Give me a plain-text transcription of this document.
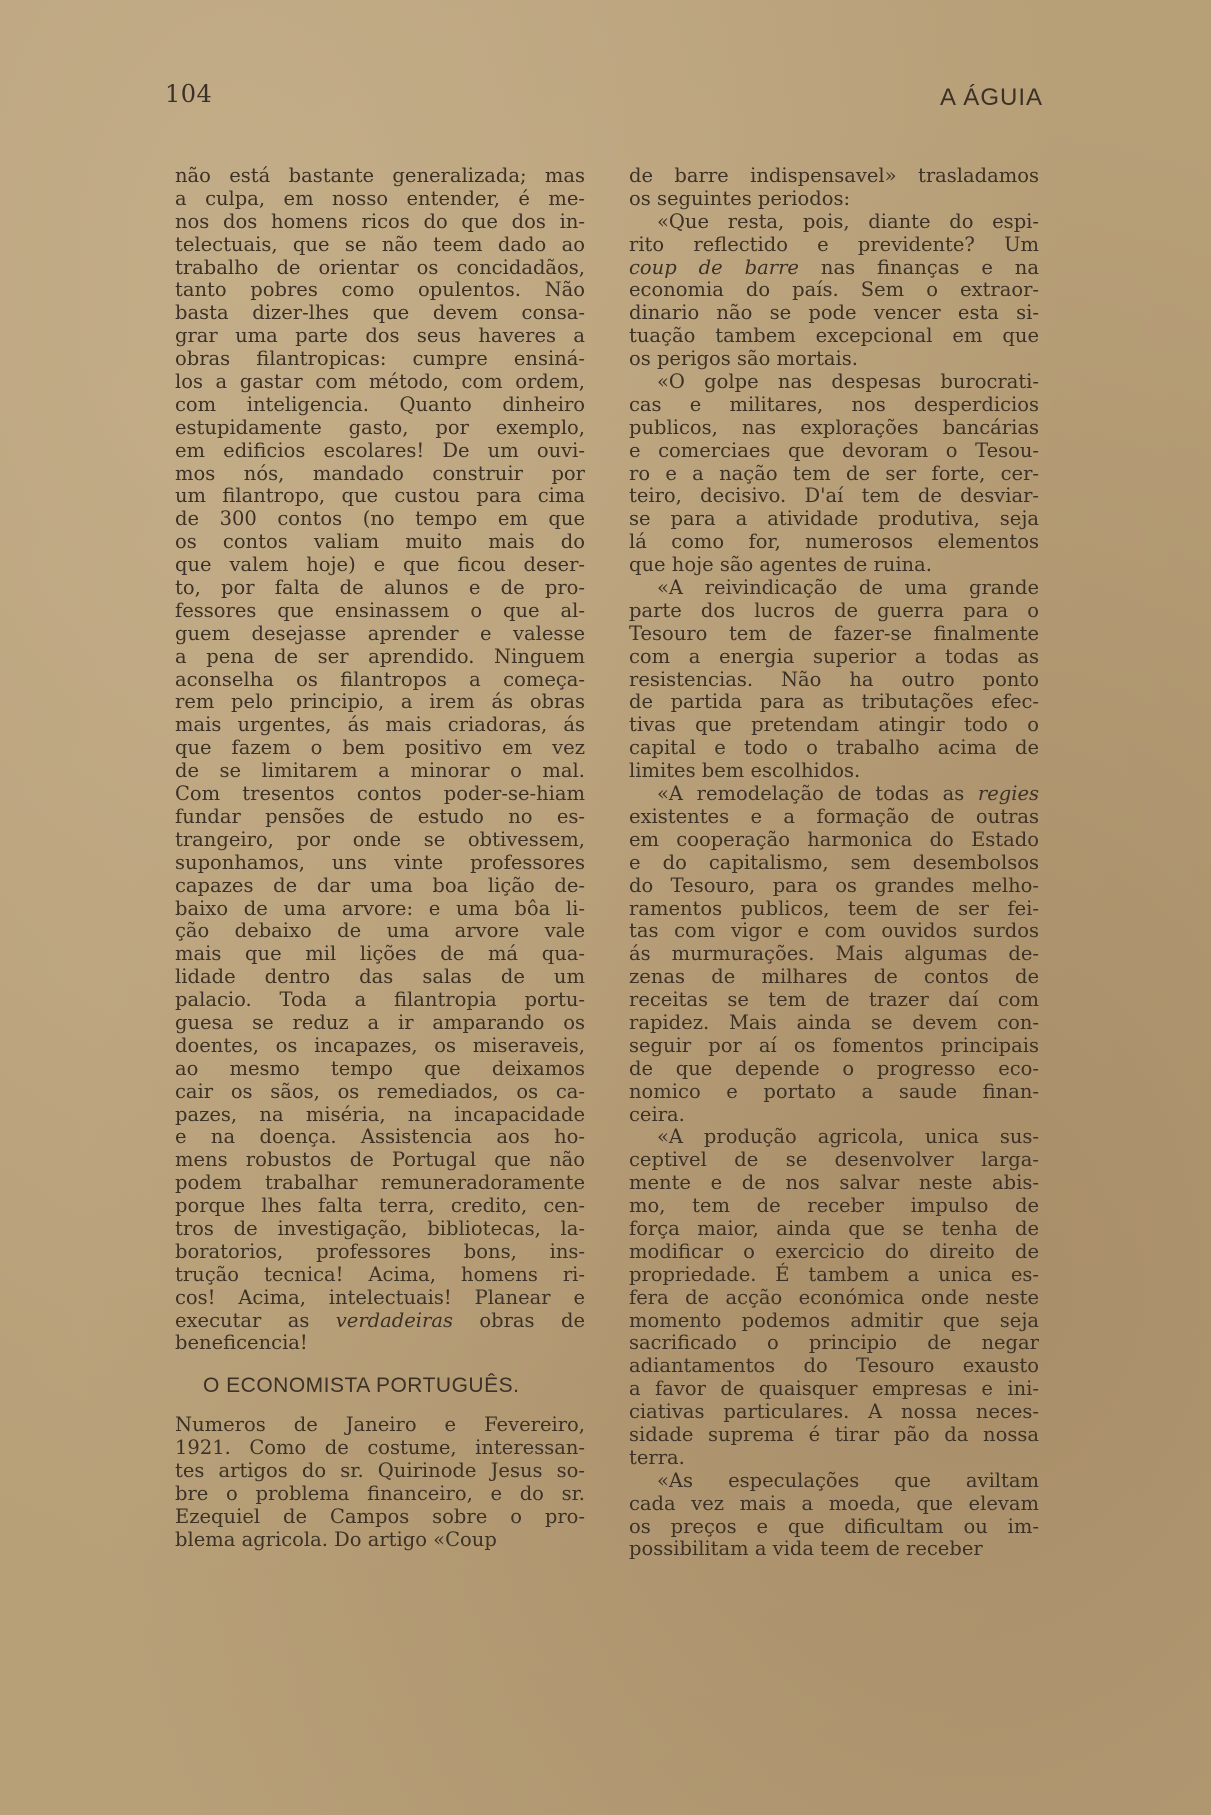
104	A ÁGUIA
não está bastante generalizada; mas
a culpa, em nosso entender, é me-
nos dos homens ricos do que dos in-
telectuais, que se não teem dado ao
trabalho de orientar os concidadãos,
tanto pobres como opulentos. Não
basta dizer-lhes que devem consa-
grar uma parte dos seus haveres a
obras filantropicas: cumpre ensiná-
los a gastar com método, com ordem,
com inteligencia. Quanto dinheiro
estupidamente gasto, por exemplo,
em edificios escolares! De um ouvi-
mos nós, mandado construir por
um filantropo, que custou para cima
de 300 contos (no tempo em que
os contos valiam muito mais do
que valem hoje) e que ficou deser-
to, por falta de alunos e de pro-
fessores que ensinassem o que al-
guem desejasse aprender e valesse
a pena de ser aprendido. Ninguem
aconselha os filantropos a começa-
rem pelo principio, a irem ás obras
mais urgentes, ás mais criadoras, ás
que fazem o bem positivo em vez
de se limitarem a minorar o mal.
Com tresentos contos poder-se-hiam
fundar pensões de estudo no es-
trangeiro, por onde se obtivessem,
suponhamos, uns vinte professores
capazes de dar uma boa lição de-
baixo de uma arvore: e uma bôa li-
ção debaixo de uma arvore vale
mais que mil lições de má qua-
lidade dentro das salas de um
palacio. Toda a filantropia portu-
guesa se reduz a ir amparando os
doentes, os incapazes, os miseraveis,
ao mesmo tempo que deixamos
cair os sãos, os remediados, os ca-
pazes, na miséria, na incapacidade
e na doença. Assistencia aos ho-
mens robustos de Portugal que não
podem trabalhar remuneradoramente
porque lhes falta terra, credito, cen-
tros de investigação, bibliotecas, la-
boratorios, professores bons, ins-
trução tecnica! Acima, homens ri-
cos! Acima, intelectuais! Planear e
executar as verdadeiras obras de
beneficencia!
O ECONOMISTA PORTUGUÊS.
Numeros de Janeiro e Fevereiro,
1921. Como de costume, interessan-
tes artigos do sr. Quirinode Jesus so-
bre o problema financeiro, e do sr.
Ezequiel de Campos sobre o pro-
blema agricola. Do artigo «Coup
de barre indispensavel» trasladamos
os seguintes periodos:
«Que resta, pois, diante do espi-
rito reflectido e previdente? Um
coup de barre nas finanças e na
economia do país. Sem o extraor-
dinario não se pode vencer esta si-
tuação tambem excepcional em que
os perigos são mortais.
«O golpe nas despesas burocrati-
cas e militares, nos desperdicios
publicos, nas explorações bancárias
e comerciaes que devoram o Tesou-
ro e a nação tem de ser forte, cer-
teiro, decisivo. D'aí tem de desviar-
se para a atividade produtiva, seja
lá como for, numerosos elementos
que hoje são agentes de ruina.
«A reivindicação de uma grande
parte dos lucros de guerra para o
Tesouro tem de fazer-se finalmente
com a energia superior a todas as
resistencias. Não ha outro ponto
de partida para as tributações efec-
tivas que pretendam atingir todo o
capital e todo o trabalho acima de
limites bem escolhidos.
«A remodelação de todas as regies
existentes e a formação de outras
em cooperação harmonica do Estado
e do capitalismo, sem desembolsos
do Tesouro, para os grandes melho-
ramentos publicos, teem de ser fei-
tas com vigor e com ouvidos surdos
ás murmurações. Mais algumas de-
zenas de milhares de contos de
receitas se tem de trazer daí com
rapidez. Mais ainda se devem con-
seguir por aí os fomentos principais
de que depende o progresso eco-
nomico e portato a saude finan-
ceira.
«A produção agricola, unica sus-
ceptivel de se desenvolver larga-
mente e de nos salvar neste abis-
mo, tem de receber impulso de
força maior, ainda que se tenha de
modificar o exercicio do direito de
propriedade. É tambem a unica es-
fera de acção económica onde neste
momento podemos admitir que seja
sacrificado o principio de negar
adiantamentos do Tesouro exausto
a favor de quaisquer empresas e ini-
ciativas particulares. A nossa neces-
sidade suprema é tirar pão da nossa
terra.
«As especulações que aviltam
cada vez mais a moeda, que elevam
os preços e que dificultam ou im-
possibilitam a vida teem de receber
